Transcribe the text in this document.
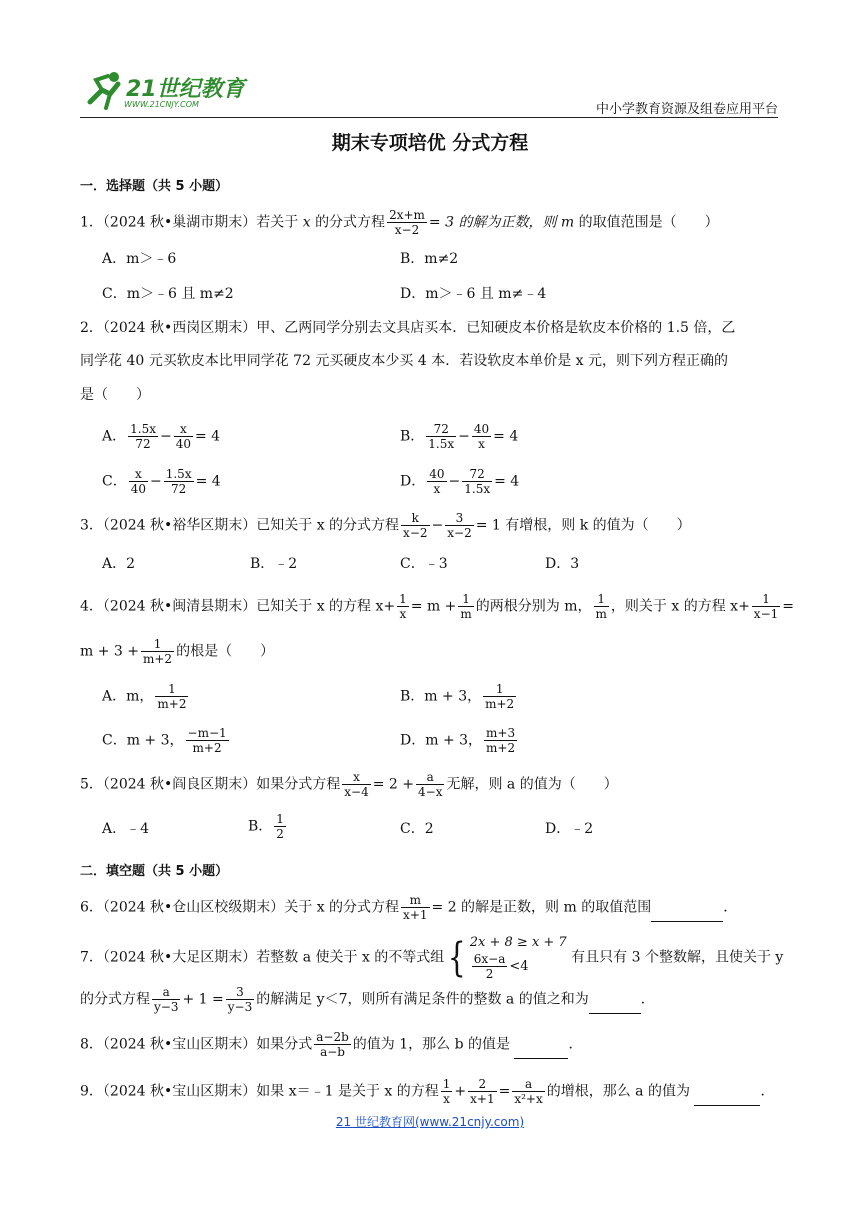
21世纪教育
WWW.21CNJY.COM	中小学教育资源及组卷应用平台
期末专项培优 分式方程
一．选择题（共 5 小题）
1．（2024 秋•巢湖市期末）若关于 x 的分式方程 $\frac{2x+m}{x-2} = 3$ 的解为正数，则 m 的取值范围是（　　）
A．m＞﹣6	B．m≠2
C．m＞﹣6 且 m≠2	D．m＞﹣6 且 m≠﹣4
2．（2024 秋•西岗区期末）甲、乙两同学分别去文具店买本．已知硬皮本价格是软皮本价格的 1.5 倍，乙
同学花 40 元买软皮本比甲同学花 72 元买硬皮本少买 4 本．若设软皮本单价是 x 元，则下列方程正确的
是（　　）
A． $\frac{1.5x}{72} - \frac{x}{40} = 4$	B． $\frac{72}{1.5x} - \frac{40}{x} = 4$
C． $\frac{x}{40} - \frac{1.5x}{72} = 4$	D． $\frac{40}{x} - \frac{72}{1.5x} = 4$
3．（2024 秋•裕华区期末）已知关于 x 的分式方程 $\frac{k}{x-2} - \frac{3}{x-2} = 1$ 有增根，则 k 的值为（　　）
A．2	B．﹣2	C．﹣3	D．3
4．（2024 秋•闽清县期末）已知关于 x 的方程 $x+ \frac{1}{x} = m + \frac{1}{m}$ 的两根分别为 m， $\frac{1}{m}$ ，则关于 x 的方程 $x+ \frac{1}{x-1}$ =
$m + 3 + \frac{1}{m+2}$ 的根是（　　）
A．m， $\frac{1}{m+2}$	B．m + 3， $\frac{1}{m+2}$
C．m + 3， $\frac{-m-1}{m+2}$	D．m + 3， $\frac{m+3}{m+2}$
5．（2024 秋•阎良区期末）如果分式方程 $\frac{x}{x-4} = 2 + \frac{a}{4-x}$ 无解，则 a 的值为（　　）
A．﹣4	B． $\frac{1}{2}$	C．2	D．﹣2
二．填空题（共 5 小题）
6．（2024 秋•仓山区校级期末）关于 x 的分式方程 $\frac{m}{x+1} = 2$ 的解是正数，则 m 的取值范围	．
7．（2024 秋•大足区期末）若整数 a 使关于 x 的不等式组{ 2x + 8 ≥ x + 7
$\frac{6x-a}{2} <4$
有且只有 3 个整数解，且使关于 y
的分式方程 $\frac{a}{y-3} + 1 = \frac{3}{y-3}$ 的解满足 y＜7，则所有满足条件的整数 a 的值之和为	．
8．（2024 秋•宝山区期末）如果分式 $\frac{a-2b}{a-b}$ 的值为 1，那么 b 的值是	．
9．（2024 秋•宝山区期末）如果 x＝﹣1 是关于 x 的方程 $\frac{1}{x} + \frac{2}{x+1} = \frac{a}{\text{x²+x}}$ 的增根，那么 a 的值为	．
21 世纪教育网(www.21cnjy.com)
